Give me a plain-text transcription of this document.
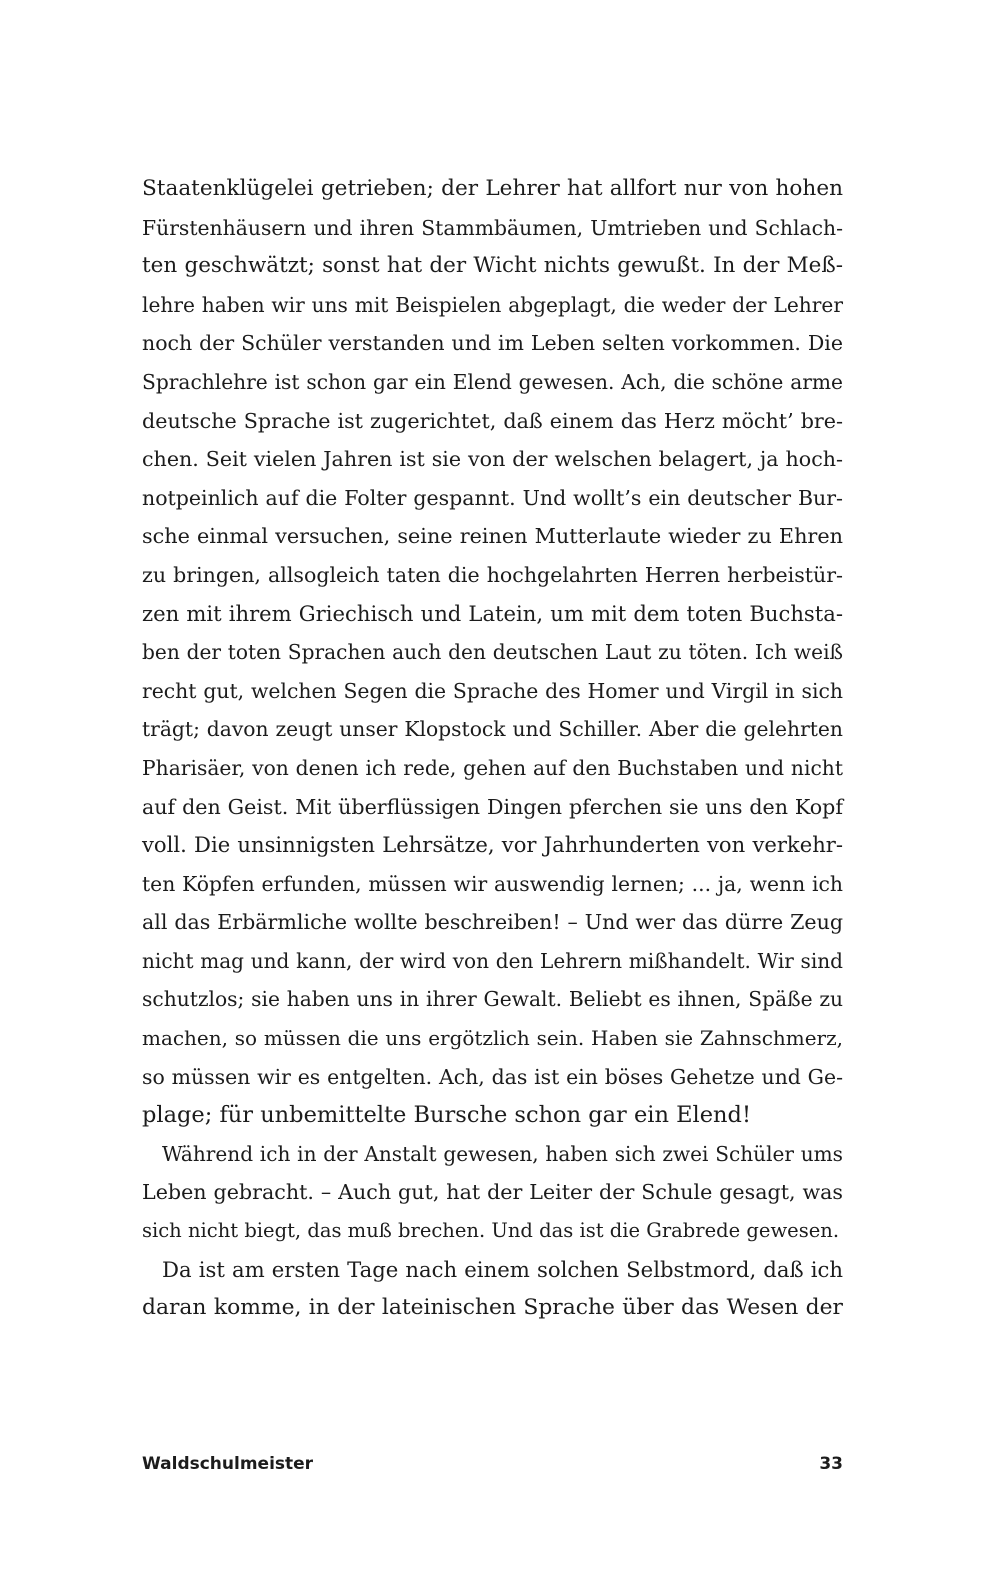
Staatenklügelei getrieben; der Lehrer hat allfort nur von hohen
Fürstenhäusern und ihren Stammbäumen, Umtrieben und Schlach-
ten geschwätzt; sonst hat der Wicht nichts gewußt. In der Meß-
lehre haben wir uns mit Beispielen abgeplagt, die weder der Lehrer
noch der Schüler verstanden und im Leben selten vorkommen. Die
Sprachlehre ist schon gar ein Elend gewesen. Ach, die schöne arme
deutsche Sprache ist zugerichtet, daß einem das Herz möcht’ bre-
chen. Seit vielen Jahren ist sie von der welschen belagert, ja hoch-
notpeinlich auf die Folter gespannt. Und wollt’s ein deutscher Bur-
sche einmal versuchen, seine reinen Mutterlaute wieder zu Ehren
zu bringen, allsogleich taten die hochgelahrten Herren herbeistür-
zen mit ihrem Griechisch und Latein, um mit dem toten Buchsta-
ben der toten Sprachen auch den deutschen Laut zu töten. Ich weiß
recht gut, welchen Segen die Sprache des Homer und Virgil in sich
trägt; davon zeugt unser Klopstock und Schiller. Aber die gelehrten
Pharisäer, von denen ich rede, gehen auf den Buchstaben und nicht
auf den Geist. Mit überflüssigen Dingen pferchen sie uns den Kopf
voll. Die unsinnigsten Lehrsätze, vor Jahrhunderten von verkehr-
ten Köpfen erfunden, müssen wir auswendig lernen; ... ja, wenn ich
all das Erbärmliche wollte beschreiben! – Und wer das dürre Zeug
nicht mag und kann, der wird von den Lehrern mißhandelt. Wir sind
schutzlos; sie haben uns in ihrer Gewalt. Beliebt es ihnen, Späße zu
machen, so müssen die uns ergötzlich sein. Haben sie Zahnschmerz,
so müssen wir es entgelten. Ach, das ist ein böses Gehetze und Ge-
plage; für unbemittelte Bursche schon gar ein Elend!
Während ich in der Anstalt gewesen, haben sich zwei Schüler ums
Leben gebracht. – Auch gut, hat der Leiter der Schule gesagt, was
sich nicht biegt, das muß brechen. Und das ist die Grabrede gewesen.
Da ist am ersten Tage nach einem solchen Selbstmord, daß ich
daran komme, in der lateinischen Sprache über das Wesen der
Waldschulmeister	33
